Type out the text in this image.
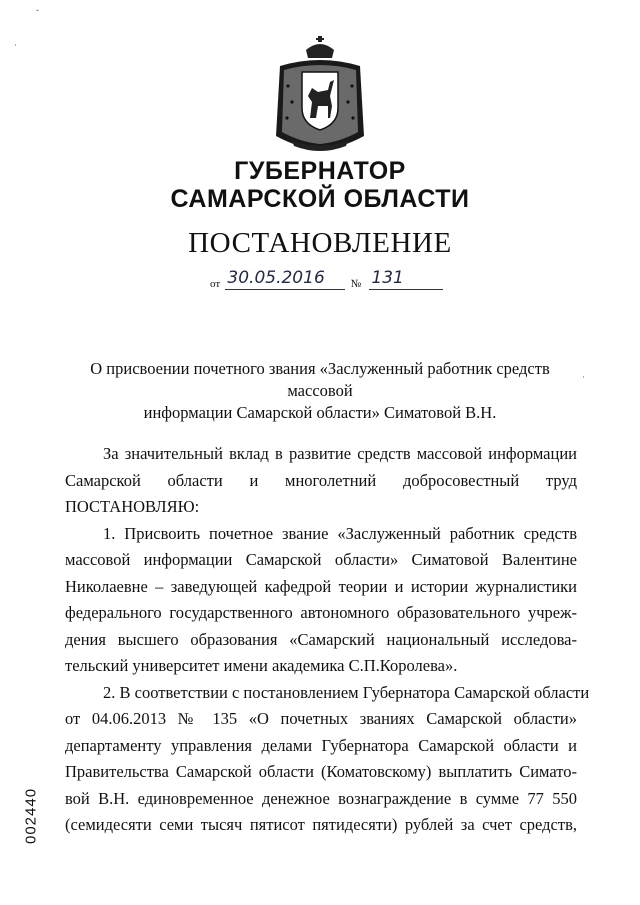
ˇ
·
ГУБЕРНАТОР
САМАРСКОЙ ОБЛАСТИ
ПОСТАНОВЛЕНИЕ
от 30.05.2016 № 131
О присвоении почетного звания «Заслуженный работник средств массовой
информации Самарской области» Симатовой В.Н.
·
За значительный вклад в развитие средств массовой информации
Самарской области и многолетний добросовестный труд
ПОСТАНОВЛЯЮ:
1. Присвоить почетное звание «Заслуженный работник средств
массовой информации Самарской области» Симатовой Валентине
Николаевне – заведующей кафедрой теории и истории журналистики
федерального государственного автономного образовательного учреж-
дения высшего образования «Самарский национальный исследова-
тельский университет имени академика С.П.Королева».
2. В соответствии с постановлением Губернатора Самарской области
от 04.06.2013 № 135 «О почетных званиях Самарской области»
департаменту управления делами Губернатора Самарской области и
Правительства Самарской области (Коматовскому) выплатить Симато-
вой В.Н. единовременное денежное вознаграждение в сумме 77 550
(семидесяти семи тысяч пятисот пятидесяти) рублей за счет средств,
002440
